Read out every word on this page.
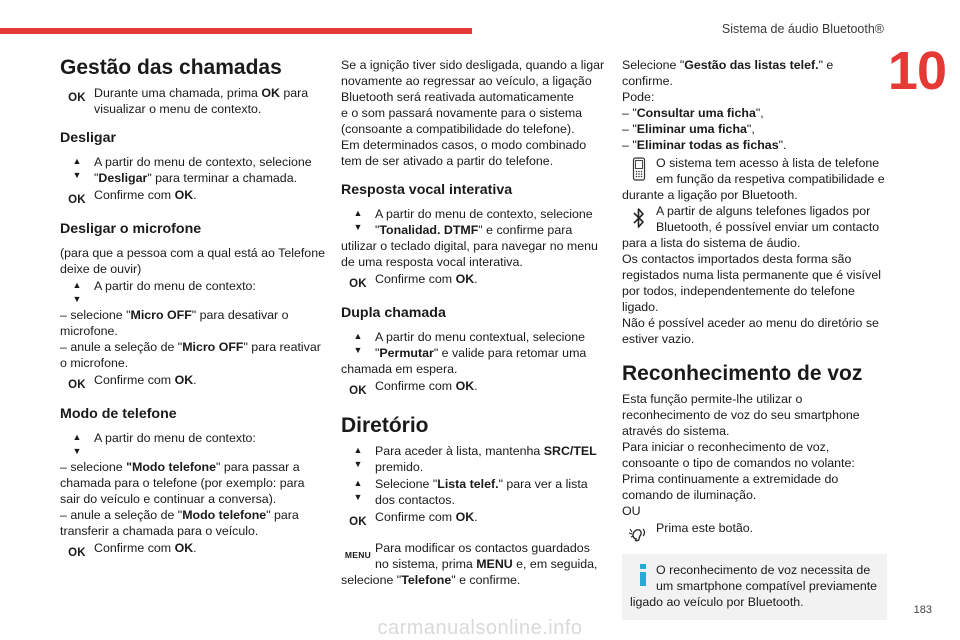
Sistema de áudio Bluetooth®
10
Gestão das chamadas
OK Durante uma chamada, prima OK para visualizar o menu de contexto.
Desligar
▲
▼
A partir do menu de contexto, selecione "Desligar" para terminar a chamada.
OK Confirme com OK.
Desligar o microfone

(para que a pessoa com a qual está ao Telefone deixe de ouvir)

▲
▼
A partir do menu de contexto:

– selecione "Micro OFF" para desativar o microfone.

– anule a seleção de "Micro OFF" para reativar o microfone.

OK Confirme com OK.
Modo de telefone
▲
▼
A partir do menu de contexto:

– selecione "Modo telefone" para passar a chamada para o telefone (por exemplo: para sair do veículo e continuar a conversa).

– anule a seleção de "Modo telefone" para transferir a chamada para o veículo.

OK Confirme com OK.

Se a ignição tiver sido desligada, quando a ligar novamente ao regressar ao veículo, a ligação Bluetooth será reativada automaticamente

e o som passará novamente para o sistema (consoante a compatibilidade do telefone).

Em determinados casos, o modo combinado tem de ser ativado a partir do telefone.

Resposta vocal interativa
▲
▼
A partir do menu de contexto, selecione "Tonalidad. DTMF" e confirme para utilizar o teclado digital, para navegar no menu de uma resposta vocal interativa.
OK Confirme com OK.
Dupla chamada
▲
▼
A partir do menu contextual, selecione "Permutar" e valide para retomar uma chamada em espera.
OK Confirme com OK.
Diretório
▲
▼
Para aceder à lista, mantenha SRC/TEL premido.
▲
▼
Selecione "Lista telef." para ver a lista dos contactos.
OK Confirme com OK.
MENU Para modificar os contactos guardados no sistema, prima MENU e, em seguida, selecione "Telefone" e confirme.

Selecione "Gestão das listas telef." e confirme.

Pode:

– "Consultar uma ficha",

– "Eliminar uma ficha",

– "Eliminar todas as fichas".

O sistema tem acesso à lista de telefone em função da respetiva compatibilidade e durante a ligação por Bluetooth.
A partir de alguns telefones ligados por Bluetooth, é possível enviar um contacto para a lista do sistema de áudio.

Os contactos importados desta forma são registados numa lista permanente que é visível por todos, independentemente do telefone ligado.

Não é possível aceder ao menu do diretório se estiver vazio.

Reconhecimento de voz

Esta função permite-lhe utilizar o reconhecimento de voz do seu smartphone através do sistema.

Para iniciar o reconhecimento de voz, consoante o tipo de comandos no volante:

Prima continuamente a extremidade do comando de iluminação.

OU

Prima este botão.
O reconhecimento de voz necessita de um smartphone compatível previamente ligado ao veículo por Bluetooth.
183
carmanualsonline.info
